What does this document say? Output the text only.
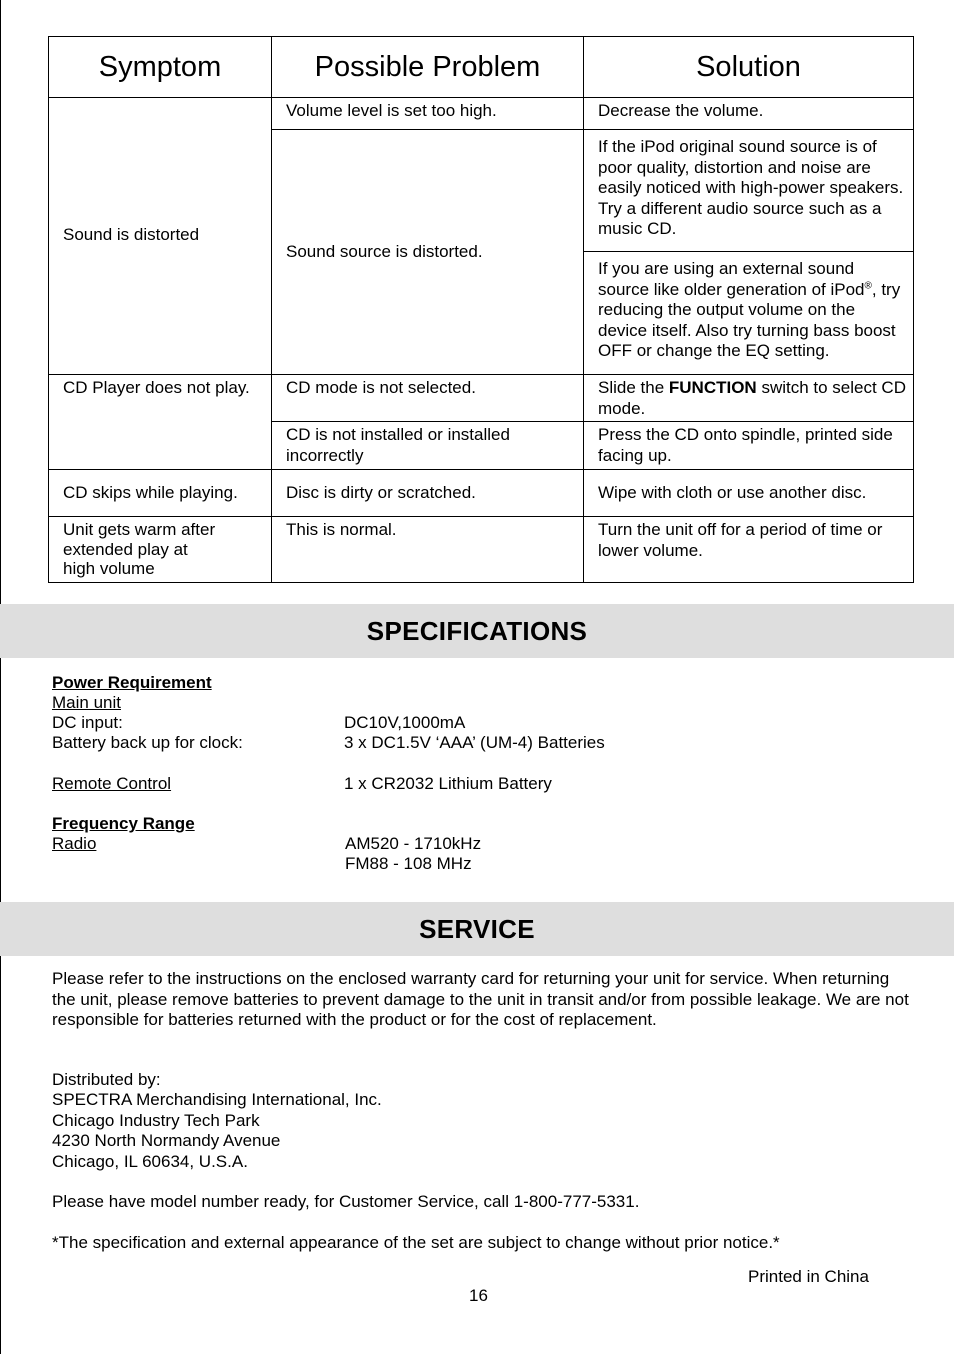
Symptom	Possible Problem	Solution
Sound is distorted	Volume level is set too high.	Decrease the volume.
	Sound source is distorted.	If the iPod original sound source is of poor quality, distortion and noise are easily noticed with high-power speakers. Try a different audio source such as a music CD.
		If you are using an external sound source like older generation of iPod®, try reducing the output volume on the device itself. Also try turning bass boost OFF or change the EQ setting.
CD Player does not play.	CD mode is not selected.	Slide the FUNCTION switch to select CD mode.
	CD is not installed or installed incorrectly	Press the CD onto spindle, printed side facing up.
CD skips while playing.	Disc is dirty or scratched.	Wipe with cloth or use another disc.

Unit gets warm after
extended play at
high volume	This is normal.	Turn the unit off for a period of time or lower volume.
SPECIFICATIONS
Power Requirement
Main unit
DC input:	DC10V,1000mA
Battery back up for clock:	3 x DC1.5V ‘AAA’ (UM-4) Batteries
Remote Control	1 x CR2032 Lithium Battery
Frequency Range
Radio	AM520 - 1710kHz
FM88 - 108 MHz
SERVICE

Please refer to the instructions on the enclosed warranty card for returning your unit for service. When returning the unit, please remove batteries to prevent damage to the unit in transit and/or from possible leakage. We are not responsible for batteries returned with the product or for the cost of replacement.

Distributed by:
SPECTRA Merchandising International, Inc.
Chicago Industry Tech Park
4230 North Normandy Avenue
Chicago, IL 60634, U.S.A.
Please have model number ready, for Customer Service, call 1-800-777-5331.
*The specification and external appearance of the set are subject to change without prior notice.*
Printed in China
16
